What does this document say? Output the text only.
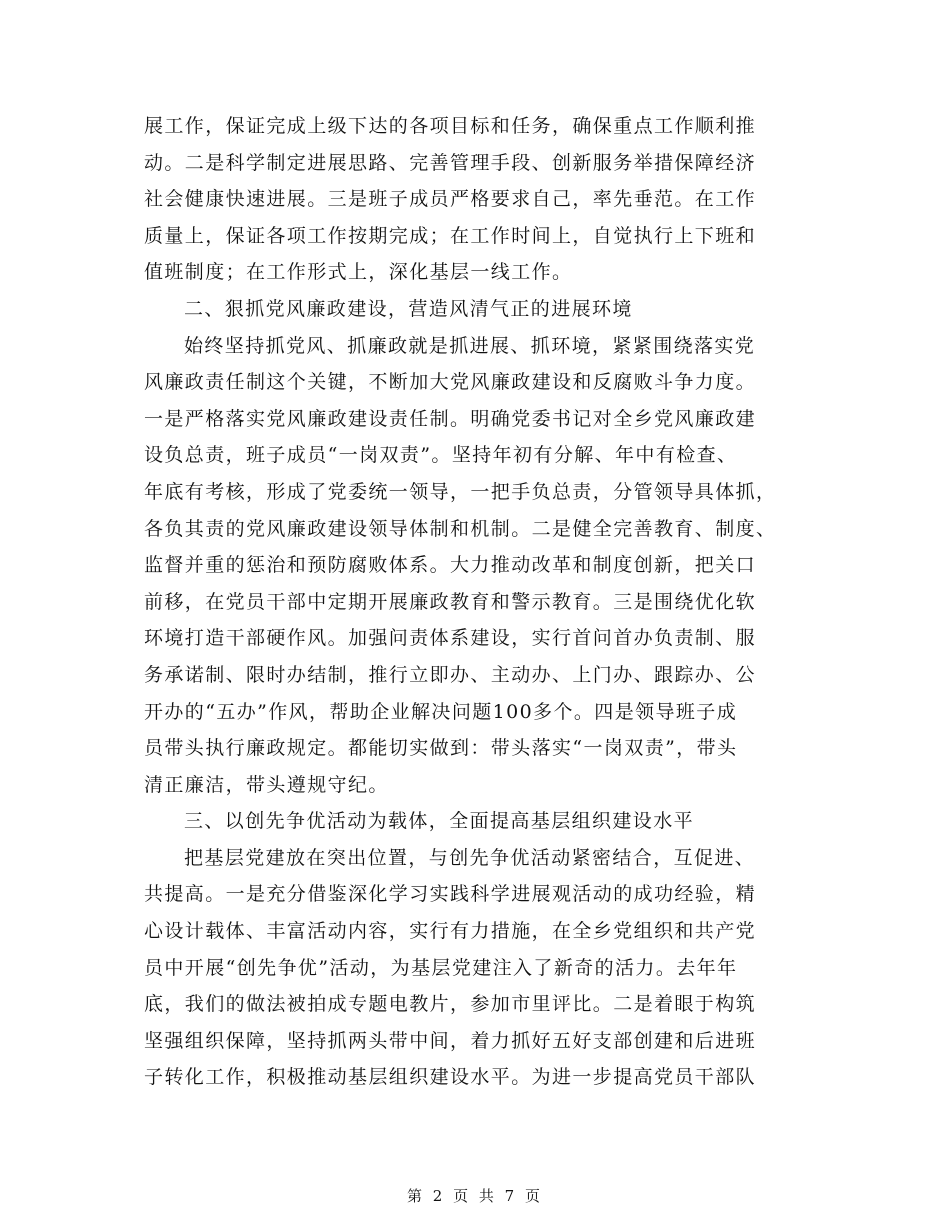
展工作，保证完成上级下达的各项目标和任务，确保重点工作顺利推
动。二是科学制定进展思路、完善管理手段、创新服务举措保障经济
社会健康快速进展。三是班子成员严格要求自己，率先垂范。在工作
质量上，保证各项工作按期完成；在工作时间上，自觉执行上下班和
值班制度；在工作形式上，深化基层一线工作。
二、狠抓党风廉政建设，营造风清气正的进展环境
始终坚持抓党风、抓廉政就是抓进展、抓环境，紧紧围绕落实党
风廉政责任制这个关键，不断加大党风廉政建设和反腐败斗争力度。
一是严格落实党风廉政建设责任制。明确党委书记对全乡党风廉政建
设负总责，班子成员“一岗双责”。坚持年初有分解、年中有检查、
年底有考核，形成了党委统一领导，一把手负总责，分管领导具体抓，
各负其责的党风廉政建设领导体制和机制。二是健全完善教育、制度、
监督并重的惩治和预防腐败体系。大力推动改革和制度创新，把关口
前移，在党员干部中定期开展廉政教育和警示教育。三是围绕优化软
环境打造干部硬作风。加强问责体系建设，实行首问首办负责制、服
务承诺制、限时办结制，推行立即办、主动办、上门办、跟踪办、公
开办的“五办”作风，帮助企业解决问题100多个。四是领导班子成
员带头执行廉政规定。都能切实做到：带头落实“一岗双责”，带头
清正廉洁，带头遵规守纪。
三、以创先争优活动为载体，全面提高基层组织建设水平
把基层党建放在突出位置，与创先争优活动紧密结合，互促进、
共提高。一是充分借鉴深化学习实践科学进展观活动的成功经验，精
心设计载体、丰富活动内容，实行有力措施，在全乡党组织和共产党
员中开展“创先争优”活动，为基层党建注入了新奇的活力。去年年
底，我们的做法被拍成专题电教片，参加市里评比。二是着眼于构筑
坚强组织保障，坚持抓两头带中间，着力抓好五好支部创建和后进班
子转化工作，积极推动基层组织建设水平。为进一步提高党员干部队
第 2 页 共 7 页
